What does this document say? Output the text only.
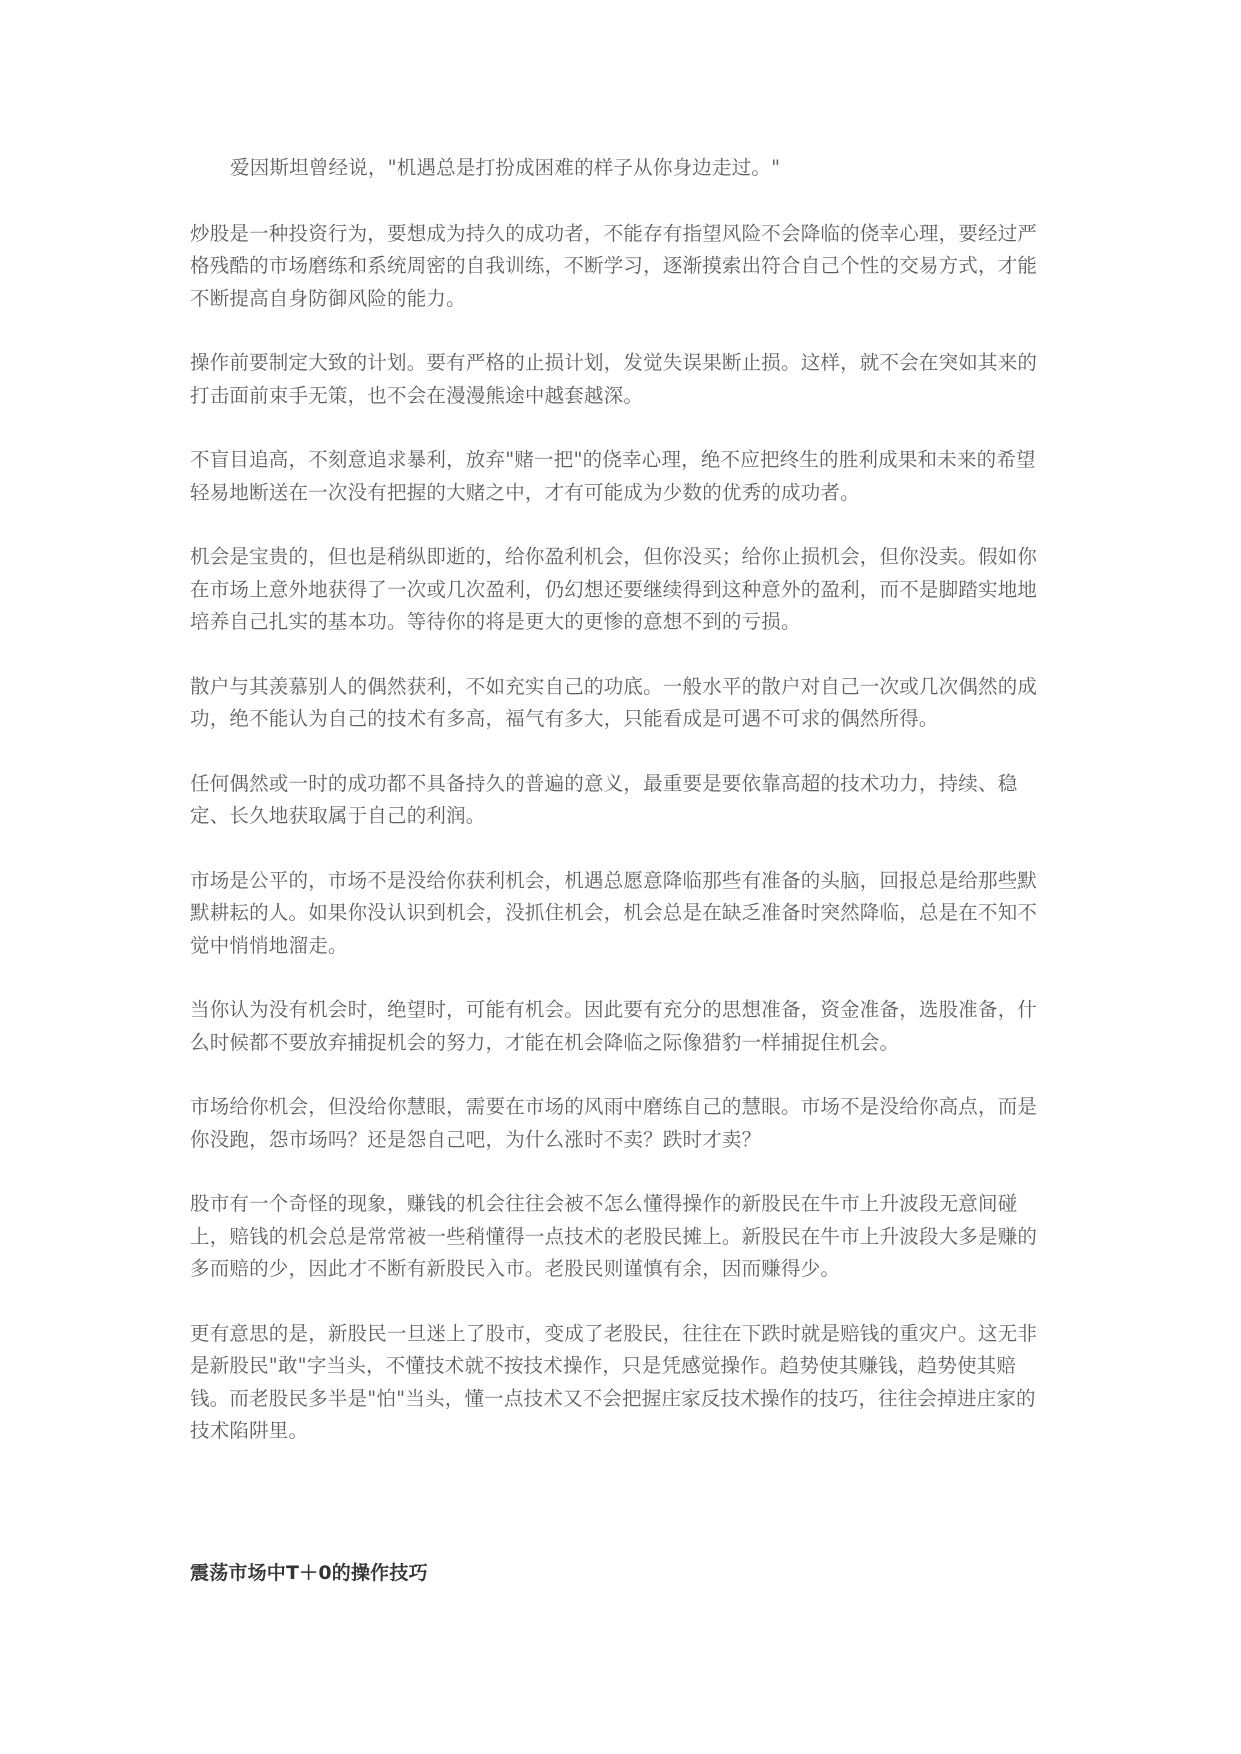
爱因斯坦曾经说，"机遇总是打扮成困难的样子从你身边走过。"

炒股是一种投资行为，要想成为持久的成功者，不能存有指望风险不会降临的侥幸心理，要经过严格残酷的市场磨练和系统周密的自我训练，不断学习，逐渐摸索出符合自己个性的交易方式，才能不断提高自身防御风险的能力。

操作前要制定大致的计划。要有严格的止损计划，发觉失误果断止损。这样，就不会在突如其来的打击面前束手无策，也不会在漫漫熊途中越套越深。

不盲目追高，不刻意追求暴利，放弃"赌一把"的侥幸心理，绝不应把终生的胜利成果和未来的希望轻易地断送在一次没有把握的大赌之中，才有可能成为少数的优秀的成功者。

机会是宝贵的，但也是稍纵即逝的，给你盈利机会，但你没买；给你止损机会，但你没卖。假如你在市场上意外地获得了一次或几次盈利，仍幻想还要继续得到这种意外的盈利，而不是脚踏实地地培养自己扎实的基本功。等待你的将是更大的更惨的意想不到的亏损。

散户与其羡慕别人的偶然获利，不如充实自己的功底。一般水平的散户对自己一次或几次偶然的成功，绝不能认为自己的技术有多高，福气有多大，只能看成是可遇不可求的偶然所得。

任何偶然或一时的成功都不具备持久的普遍的意义，最重要是要依靠高超的技术功力，持续、稳定、长久地获取属于自己的利润。

市场是公平的，市场不是没给你获利机会，机遇总愿意降临那些有准备的头脑，回报总是给那些默默耕耘的人。如果你没认识到机会，没抓住机会，机会总是在缺乏准备时突然降临，总是在不知不觉中悄悄地溜走。

当你认为没有机会时，绝望时，可能有机会。因此要有充分的思想准备，资金准备，选股准备，什么时候都不要放弃捕捉机会的努力，才能在机会降临之际像猎豹一样捕捉住机会。

市场给你机会，但没给你慧眼，需要在市场的风雨中磨练自己的慧眼。市场不是没给你高点，而是你没跑，怨市场吗？还是怨自己吧，为什么涨时不卖？跌时才卖？

股市有一个奇怪的现象，赚钱的机会往往会被不怎么懂得操作的新股民在牛市上升波段无意间碰上，赔钱的机会总是常常被一些稍懂得一点技术的老股民摊上。新股民在牛市上升波段大多是赚的多而赔的少，因此才不断有新股民入市。老股民则谨慎有余，因而赚得少。

更有意思的是，新股民一旦迷上了股市，变成了老股民，往往在下跌时就是赔钱的重灾户。这无非是新股民"敢"字当头，不懂技术就不按技术操作，只是凭感觉操作。趋势使其赚钱，趋势使其赔钱。而老股民多半是"怕"当头，懂一点技术又不会把握庄家反技术操作的技巧，往往会掉进庄家的技术陷阱里。

震荡市场中T＋0的操作技巧
